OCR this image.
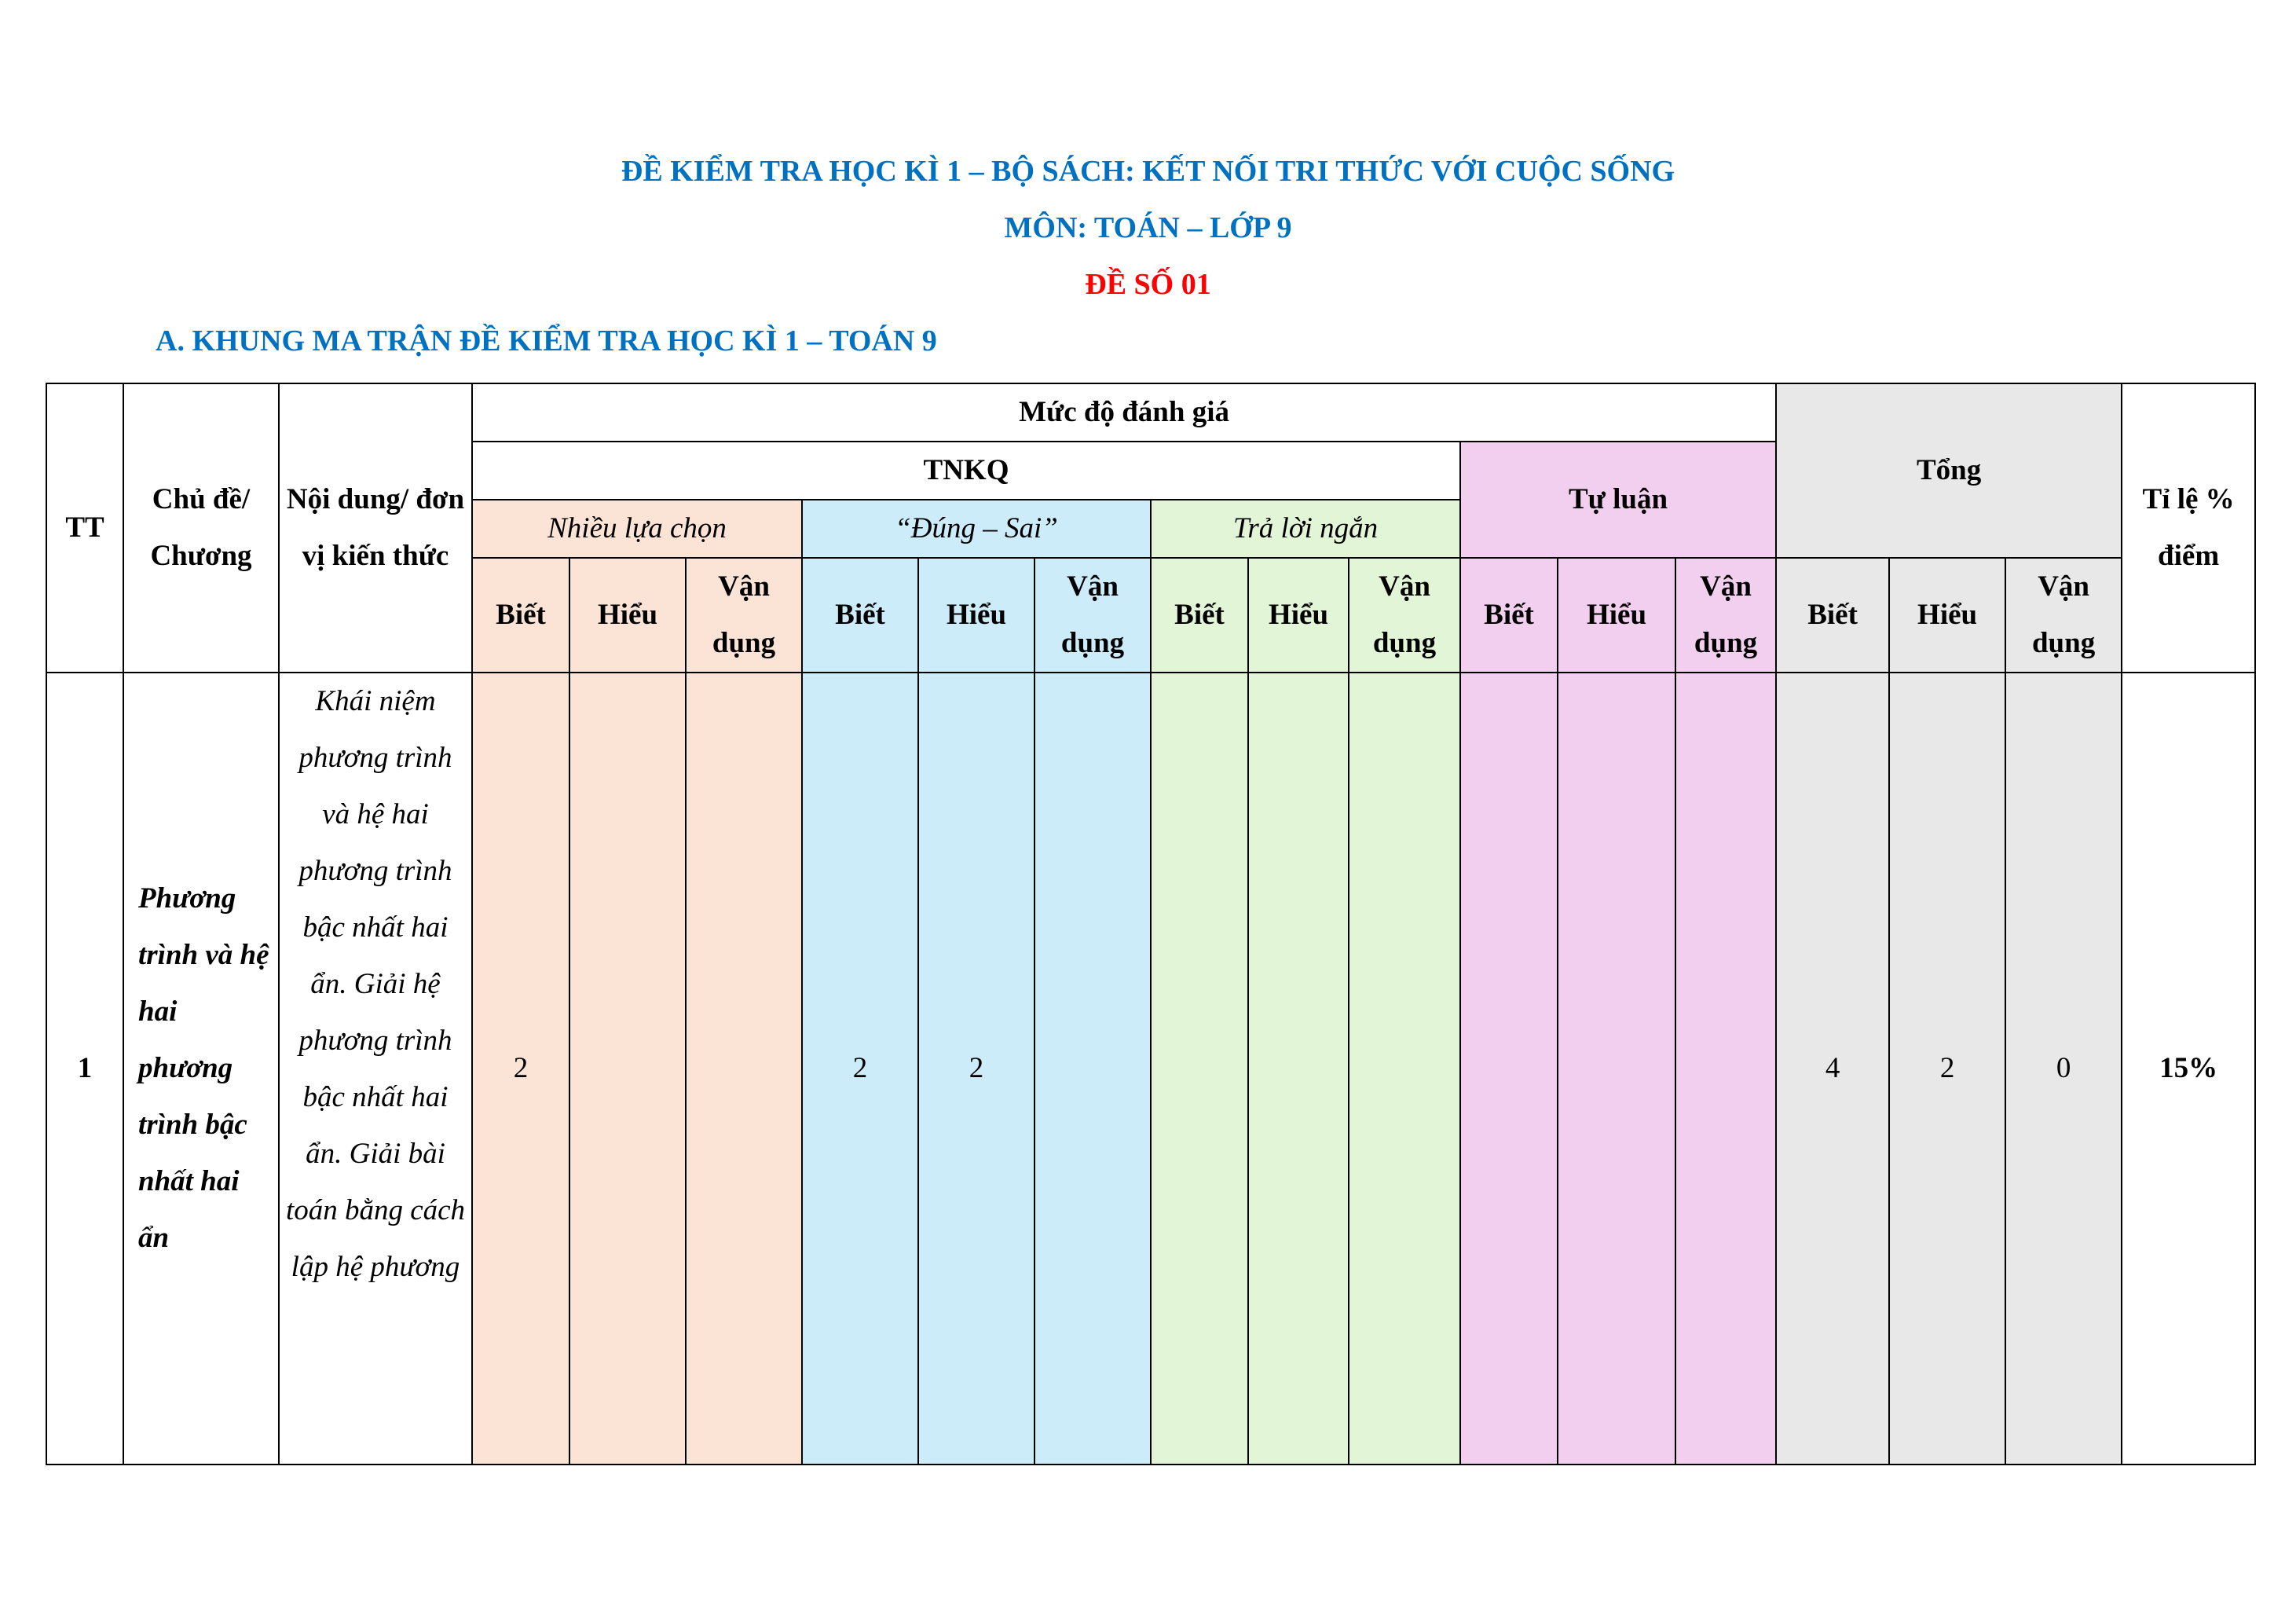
ĐỀ KIỂM TRA HỌC KÌ 1 – BỘ SÁCH: KẾT NỐI TRI THỨC VỚI CUỘC SỐNG

MÔN: TOÁN – LỚP 9

ĐỀ SỐ 01

A. KHUNG MA TRẬN ĐỀ KIỂM TRA HỌC KÌ 1 – TOÁN 9

TT	Chủ đề/ Chương	Nội dung/ đơn vị kiến thức	Mức độ đánh giá												Tổng			Tỉ lệ % điểm
			TNKQ									Tự luận						
			Nhiều lựa chọn			“Đúng – Sai”			Trả lời ngắn									
			Biết	Hiểu	Vận dụng	Biết	Hiểu	Vận dụng	Biết	Hiểu	Vận dụng	Biết	Hiểu	Vận dụng	Biết	Hiểu	Vận dụng	
1	Phương trình và hệ hai phương trình bậc nhất hai ẩn	Khái niệm phương trình và hệ hai phương trình bậc nhất hai ẩn. Giải hệ phương trình bậc nhất hai ẩn. Giải bài toán bằng cách lập hệ phương	2			2	2								4	2	0	15%
